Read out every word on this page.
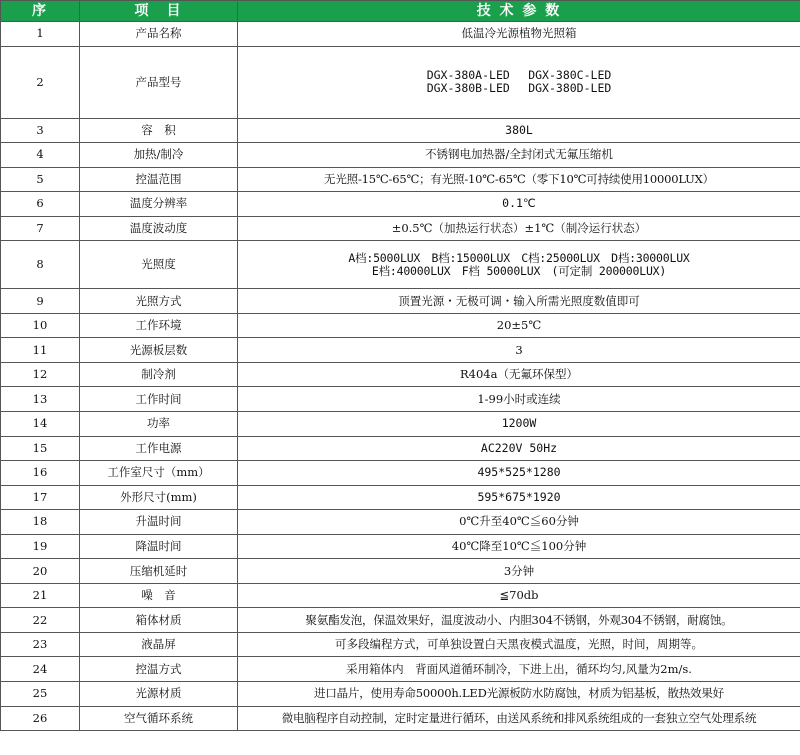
序	项　目	技 术 参 数
1	产品名称	低温冷光源植物光照箱
2	产品型号	DGX-380A-LED　 DGX-380C-LED
DGX-380B-LED　 DGX-380D-LED

3	容　积	380L
4	加热/制冷	不锈钢电加热器/全封闭式无氟压缩机
5	控温范围	无光照-15℃-65℃；有光照-10℃-65℃（零下10℃可持续使用10000LUX）
6	温度分辨率	0.1℃
7	温度波动度	±0.5℃（加热运行状态）±1℃（制冷运行状态）
8	光照度	A档:5000LUX　B档:15000LUX　C档:25000LUX　D档:30000LUX
E档:40000LUX　F档 50000LUX　(可定制 200000LUX)

9	光照方式	顶置光源・无极可调・输入所需光照度数值即可
10	工作环境	20±5℃
11	光源板层数	3
12	制冷剂	R404a（无氟环保型）
13	工作时间	1-99小时或连续
14	功率	1200W
15	工作电源	AC220V 50Hz
16	工作室尺寸（mm）	495*525*1280
17	外形尺寸(mm)	595*675*1920
18	升温时间	0℃升至40℃≦60分钟
19	降温时间	40℃降至10℃≦100分钟
20	压缩机延时	3分钟
21	噪　音	≦70db
22	箱体材质	聚氨酯发泡，保温效果好，温度波动小、内胆304不锈钢，外观304不锈钢，耐腐蚀。
23	液晶屏	可多段编程方式，可单独设置白天黑夜模式温度，光照，时间，周期等。
24	控温方式	采用箱体内　背面风道循环制冷，下进上出，循环均匀,风量为2m/s.
25	光源材质	进口晶片，使用寿命50000h.LED光源板防水防腐蚀，材质为铝基板，散热效果好
26	空气循环系统	微电脑程序自动控制，定时定量进行循环，由送风系统和排风系统组成的一套独立空气处理系统
